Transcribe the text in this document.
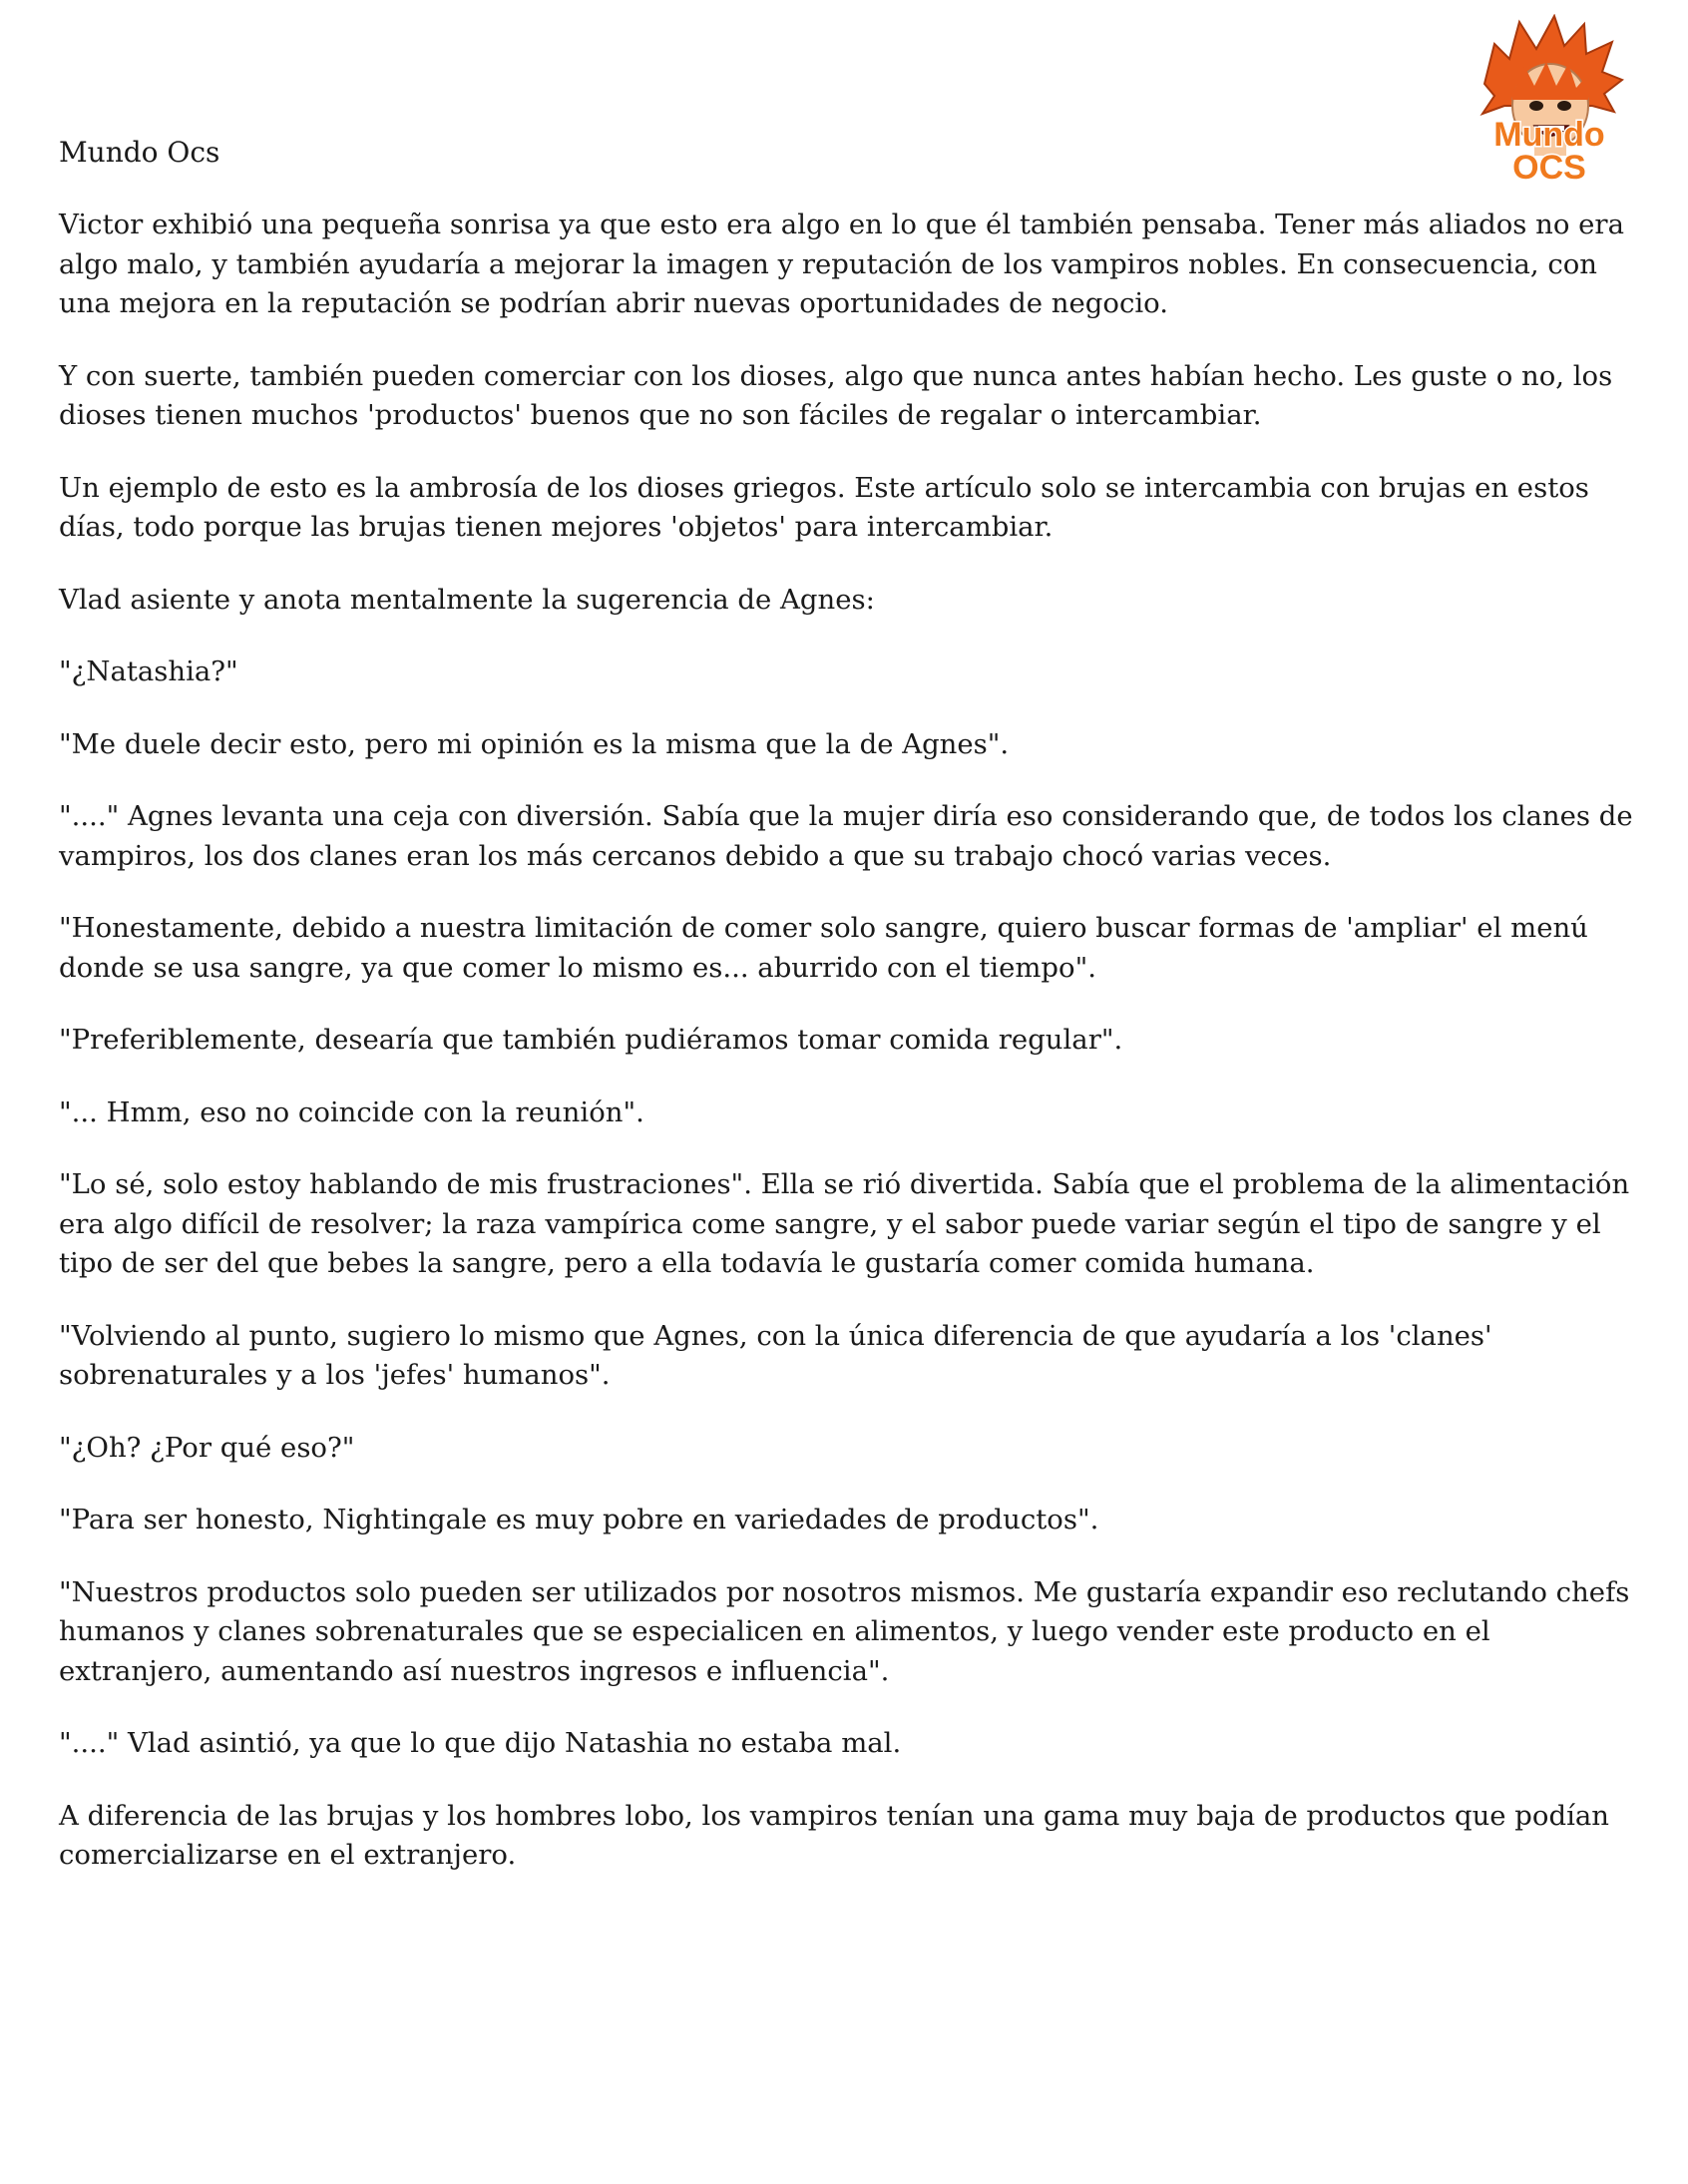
Mundo
OCS

Mundo Ocs

Victor exhibió una pequeña sonrisa ya que esto era algo en lo que él también pensaba. Tener más aliados no era algo malo, y también ayudaría a mejorar la imagen y reputación de los vampiros nobles. En consecuencia, con una mejora en la reputación se podrían abrir nuevas oportunidades de negocio.

Y con suerte, también pueden comerciar con los dioses, algo que nunca antes habían hecho. Les guste o no, los dioses tienen muchos 'productos' buenos que no son fáciles de regalar o intercambiar.

Un ejemplo de esto es la ambrosía de los dioses griegos. Este artículo solo se intercambia con brujas en estos días, todo porque las brujas tienen mejores 'objetos' para intercambiar.

Vlad asiente y anota mentalmente la sugerencia de Agnes:

"¿Natashia?"

"Me duele decir esto, pero mi opinión es la misma que la de Agnes".

"...." Agnes levanta una ceja con diversión. Sabía que la mujer diría eso considerando que, de todos los clanes de vampiros, los dos clanes eran los más cercanos debido a que su trabajo chocó varias veces.

"Honestamente, debido a nuestra limitación de comer solo sangre, quiero buscar formas de 'ampliar' el menú donde se usa sangre, ya que comer lo mismo es... aburrido con el tiempo".

"Preferiblemente, desearía que también pudiéramos tomar comida regular".

"... Hmm, eso no coincide con la reunión".

"Lo sé, solo estoy hablando de mis frustraciones". Ella se rió divertida. Sabía que el problema de la alimentación era algo difícil de resolver; la raza vampírica come sangre, y el sabor puede variar según el tipo de sangre y el tipo de ser del que bebes la sangre, pero a ella todavía le gustaría comer comida humana.

"Volviendo al punto, sugiero lo mismo que Agnes, con la única diferencia de que ayudaría a los 'clanes' sobrenaturales y a los 'jefes' humanos".

"¿Oh? ¿Por qué eso?"

"Para ser honesto, Nightingale es muy pobre en variedades de productos".

"Nuestros productos solo pueden ser utilizados por nosotros mismos. Me gustaría expandir eso reclutando chefs humanos y clanes sobrenaturales que se especialicen en alimentos, y luego vender este producto en el extranjero, aumentando así nuestros ingresos e influencia".

"...." Vlad asintió, ya que lo que dijo Natashia no estaba mal.

A diferencia de las brujas y los hombres lobo, los vampiros tenían una gama muy baja de productos que podían comercializarse en el extranjero.
